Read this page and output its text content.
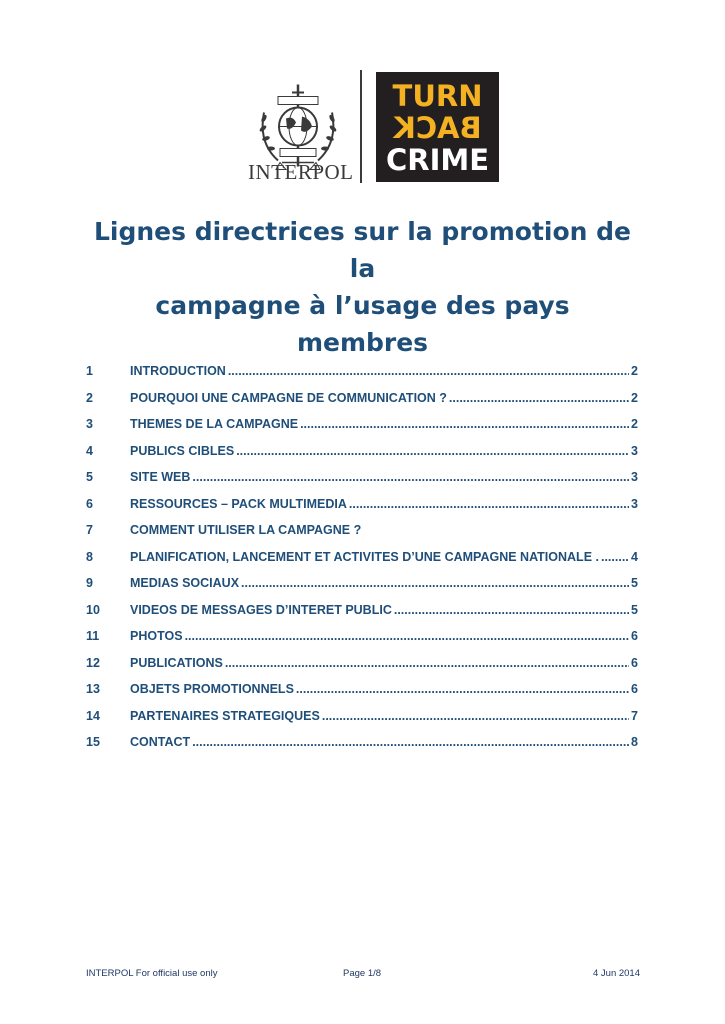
INTERPOL
TURN
BACK
CRIME
Lignes directrices sur la promotion de la
campagne à l’usage des pays membres
1	INTRODUCTION .....	2
2	POURQUOI UNE CAMPAGNE DE COMMUNICATION ? .....	2
3	THEMES DE LA CAMPAGNE .....	2
4	PUBLICS CIBLES .....	3
5	SITE WEB .....	3
6	RESSOURCES – PACK MULTIMEDIA .....	3
7	COMMENT UTILISER LA CAMPAGNE ?
8	PLANIFICATION, LANCEMENT ET ACTIVITES D’UNE CAMPAGNE NATIONALE . .....	4
9	MEDIAS SOCIAUX .....	5
10	VIDEOS DE MESSAGES D’INTERET PUBLIC .....	5
11	PHOTOS .....	6
12	PUBLICATIONS .....	6
13	OBJETS PROMOTIONNELS .....	6
14	PARTENAIRES STRATEGIQUES .....	7
15	CONTACT .....	8
INTERPOL For official use only	Page 1/8	4 Jun 2014
